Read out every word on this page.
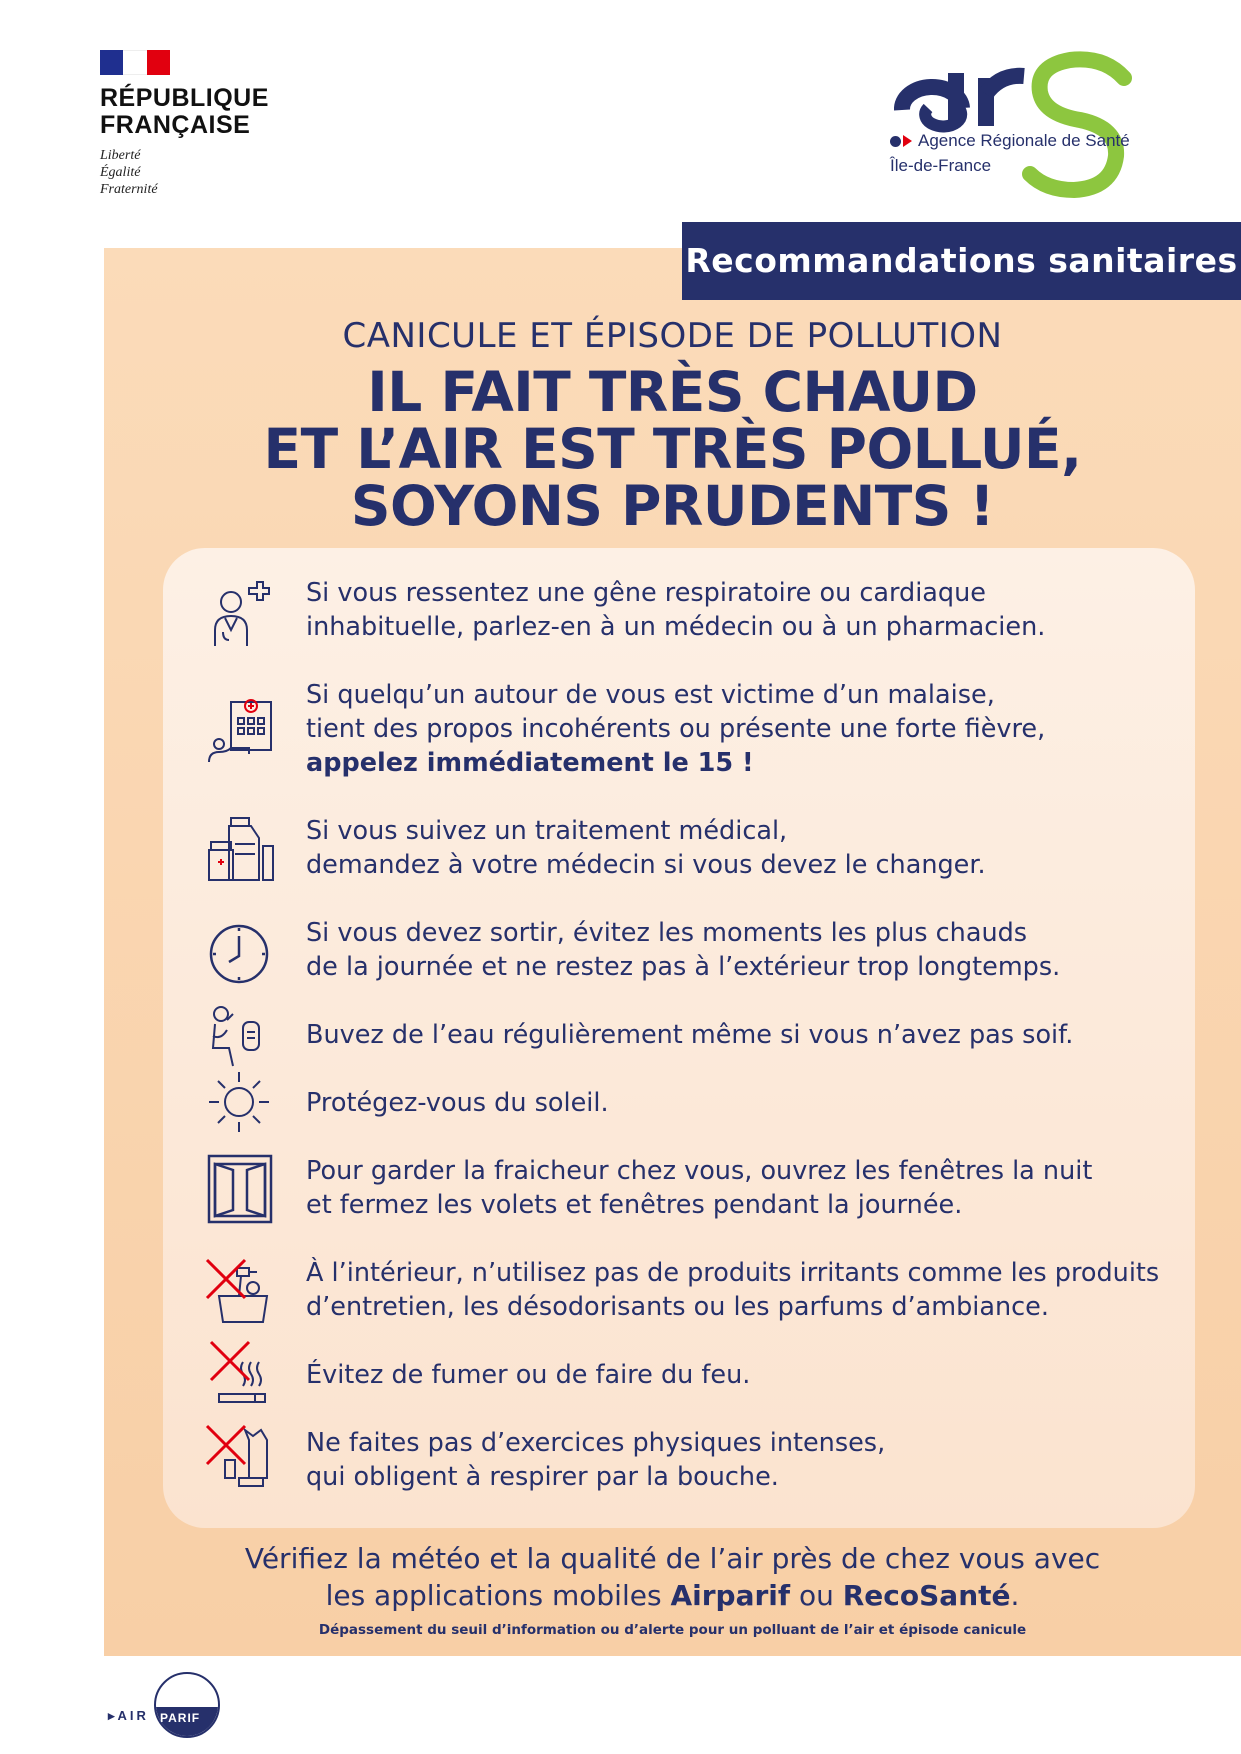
RÉPUBLIQUE
FRANÇAISE
Liberté
Égalité
Fraternité
Agence Régionale de Santé
Île-de-France
Recommandations sanitaires
CANICULE ET ÉPISODE DE POLLUTION
IL FAIT TRÈS CHAUD
ET L’AIR EST TRÈS POLLUÉ,
SOYONS PRUDENTS !
Si vous ressentez une gêne respiratoire ou cardiaque
inhabituelle, parlez-en à un médecin ou à un pharmacien.
Si quelqu’un autour de vous est victime d’un malaise,
tient des propos incohérents ou présente une forte fièvre,
appelez immédiatement le 15 !
Si vous suivez un traitement médical,
demandez à votre médecin si vous devez le changer.
Si vous devez sortir, évitez les moments les plus chauds
de la journée et ne restez pas à l’extérieur trop longtemps.
Buvez de l’eau régulièrement même si vous n’avez pas soif.
Protégez-vous du soleil.
Pour garder la fraicheur chez vous, ouvrez les fenêtres la nuit
et fermez les volets et fenêtres pendant la journée.
À l’intérieur, n’utilisez pas de produits irritants comme les produits
d’entretien, les désodorisants ou les parfums d’ambiance.
Évitez de fumer ou de faire du feu.
Ne faites pas d’exercices physiques intenses,
qui obligent à respirer par la bouche.
Vérifiez la météo et la qualité de l’air près de chez vous avec
les applications mobiles Airparif ou RecoSanté.
Dépassement du seuil d’information ou d’alerte pour un polluant de l’air et épisode canicule
▸AIR PARIF
